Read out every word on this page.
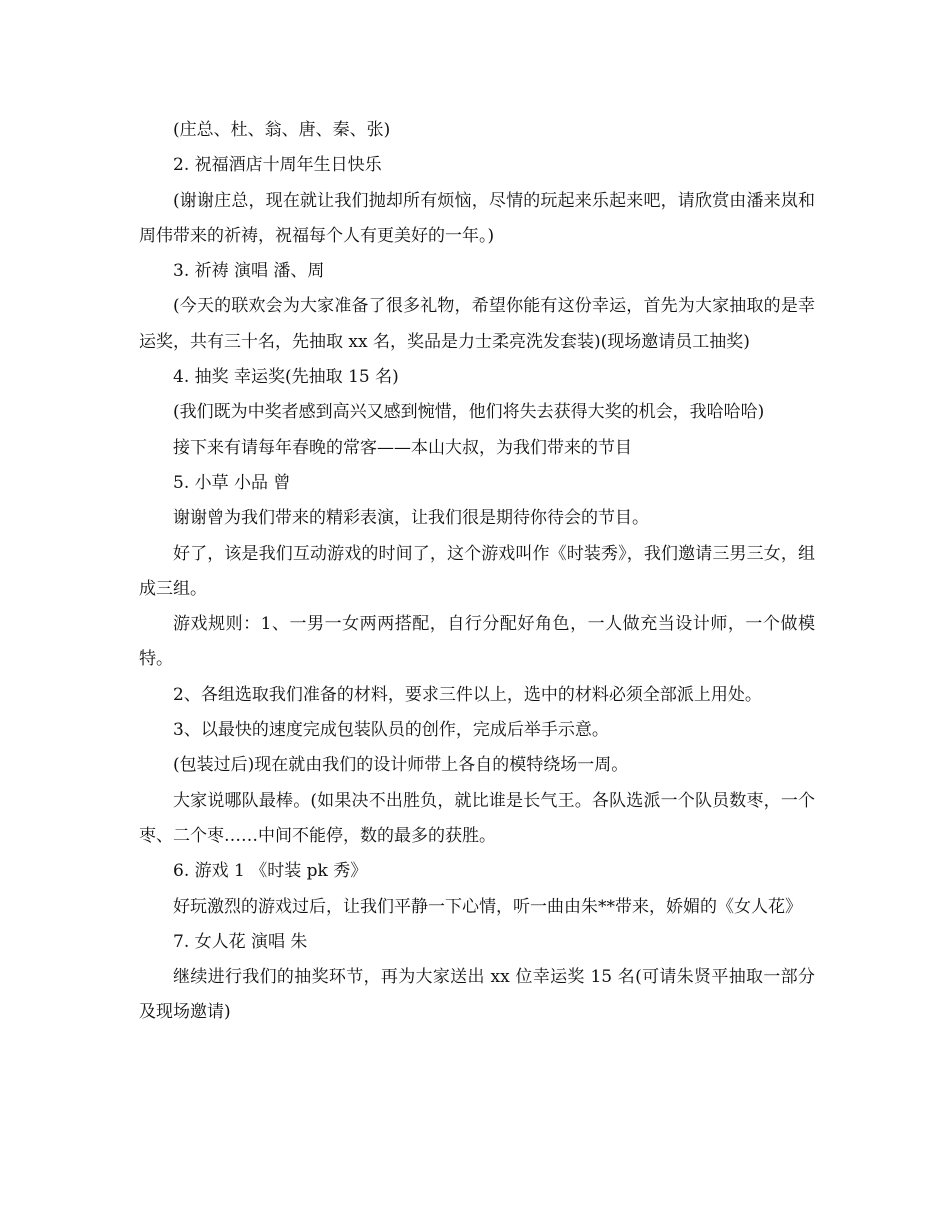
(庄总、杜、翁、唐、秦、张)

2. 祝福酒店十周年生日快乐

(谢谢庄总，现在就让我们抛却所有烦恼，尽情的玩起来乐起来吧，请欣赏由潘来岚和周伟带来的祈祷，祝福每个人有更美好的一年。)

3. 祈祷 演唱 潘、周

(今天的联欢会为大家准备了很多礼物，希望你能有这份幸运，首先为大家抽取的是幸运奖，共有三十名，先抽取 xx 名，奖品是力士柔亮洗发套装)(现场邀请员工抽奖)

4. 抽奖 幸运奖(先抽取 15 名)

(我们既为中奖者感到高兴又感到惋惜，他们将失去获得大奖的机会，我哈哈哈)

接下来有请每年春晚的常客——本山大叔，为我们带来的节目

5. 小草 小品 曾

谢谢曾为我们带来的精彩表演，让我们很是期待你待会的节目。

好了，该是我们互动游戏的时间了，这个游戏叫作《时装秀》，我们邀请三男三女，组成三组。

游戏规则：1、一男一女两两搭配，自行分配好角色，一人做充当设计师，一个做模特。

2、各组选取我们准备的材料，要求三件以上，选中的材料必须全部派上用处。

3、以最快的速度完成包装队员的创作，完成后举手示意。

(包装过后)现在就由我们的设计师带上各自的模特绕场一周。

大家说哪队最棒。(如果决不出胜负，就比谁是长气王。各队选派一个队员数枣，一个枣、二个枣……中间不能停，数的最多的获胜。

6. 游戏 1 《时装 pk 秀》

好玩激烈的游戏过后，让我们平静一下心情，听一曲由朱**带来，娇媚的《女人花》

7. 女人花 演唱 朱

继续进行我们的抽奖环节，再为大家送出 xx 位幸运奖 15 名(可请朱贤平抽取一部分及现场邀请)
